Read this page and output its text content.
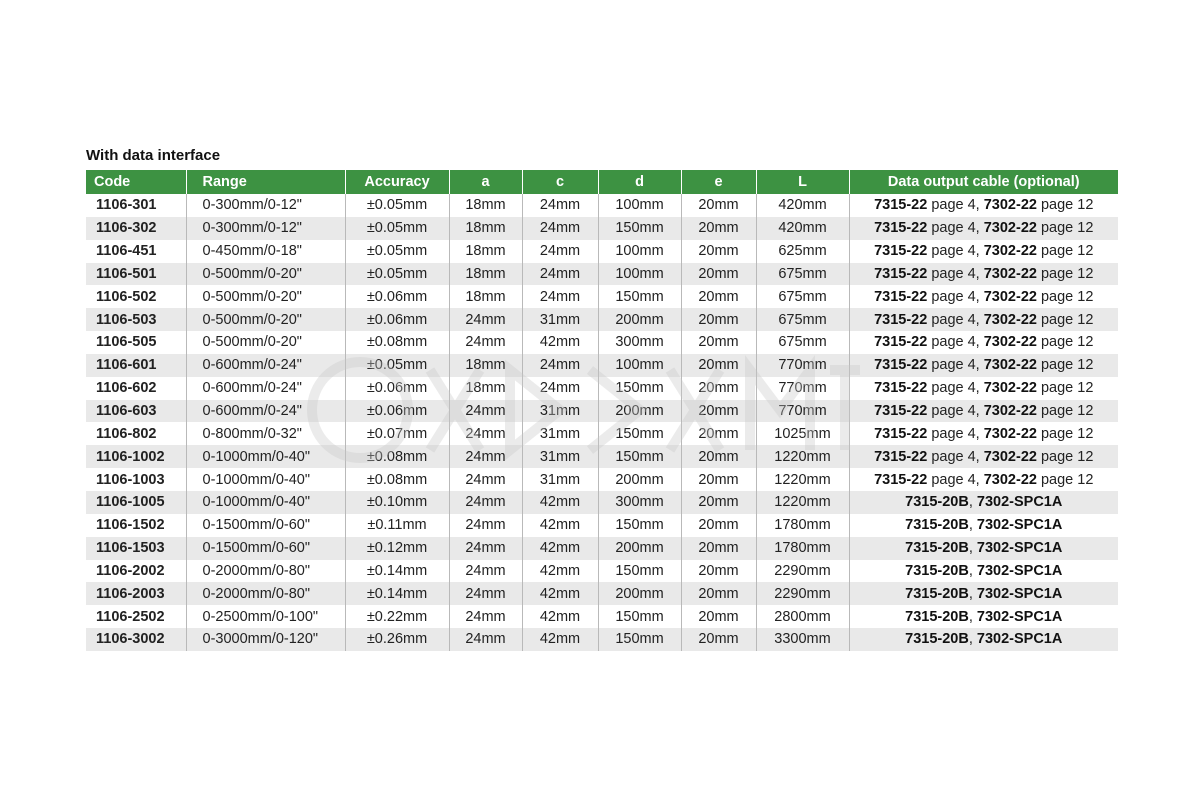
With data interface
Code	Range	Accuracy	a	c	d	e	L	Data output cable (optional)
1106-301	0-300mm/0-12"	±0.05mm	18mm	24mm	100mm	20mm	420mm	7315-22 page 4, 7302-22 page 12
1106-302	0-300mm/0-12"	±0.05mm	18mm	24mm	150mm	20mm	420mm	7315-22 page 4, 7302-22 page 12
1106-451	0-450mm/0-18"	±0.05mm	18mm	24mm	100mm	20mm	625mm	7315-22 page 4, 7302-22 page 12
1106-501	0-500mm/0-20"	±0.05mm	18mm	24mm	100mm	20mm	675mm	7315-22 page 4, 7302-22 page 12
1106-502	0-500mm/0-20"	±0.06mm	18mm	24mm	150mm	20mm	675mm	7315-22 page 4, 7302-22 page 12
1106-503	0-500mm/0-20"	±0.06mm	24mm	31mm	200mm	20mm	675mm	7315-22 page 4, 7302-22 page 12
1106-505	0-500mm/0-20"	±0.08mm	24mm	42mm	300mm	20mm	675mm	7315-22 page 4, 7302-22 page 12
1106-601	0-600mm/0-24"	±0.05mm	18mm	24mm	100mm	20mm	770mm	7315-22 page 4, 7302-22 page 12
1106-602	0-600mm/0-24"	±0.06mm	18mm	24mm	150mm	20mm	770mm	7315-22 page 4, 7302-22 page 12
1106-603	0-600mm/0-24"	±0.06mm	24mm	31mm	200mm	20mm	770mm	7315-22 page 4, 7302-22 page 12
1106-802	0-800mm/0-32"	±0.07mm	24mm	31mm	150mm	20mm	1025mm	7315-22 page 4, 7302-22 page 12
1106-1002	0-1000mm/0-40"	±0.08mm	24mm	31mm	150mm	20mm	1220mm	7315-22 page 4, 7302-22 page 12
1106-1003	0-1000mm/0-40"	±0.08mm	24mm	31mm	200mm	20mm	1220mm	7315-22 page 4, 7302-22 page 12
1106-1005	0-1000mm/0-40"	±0.10mm	24mm	42mm	300mm	20mm	1220mm	7315-20B, 7302-SPC1A
1106-1502	0-1500mm/0-60"	±0.11mm	24mm	42mm	150mm	20mm	1780mm	7315-20B, 7302-SPC1A
1106-1503	0-1500mm/0-60"	±0.12mm	24mm	42mm	200mm	20mm	1780mm	7315-20B, 7302-SPC1A
1106-2002	0-2000mm/0-80"	±0.14mm	24mm	42mm	150mm	20mm	2290mm	7315-20B, 7302-SPC1A
1106-2003	0-2000mm/0-80"	±0.14mm	24mm	42mm	200mm	20mm	2290mm	7315-20B, 7302-SPC1A
1106-2502	0-2500mm/0-100"	±0.22mm	24mm	42mm	150mm	20mm	2800mm	7315-20B, 7302-SPC1A
1106-3002	0-3000mm/0-120"	±0.26mm	24mm	42mm	150mm	20mm	3300mm	7315-20B, 7302-SPC1A
